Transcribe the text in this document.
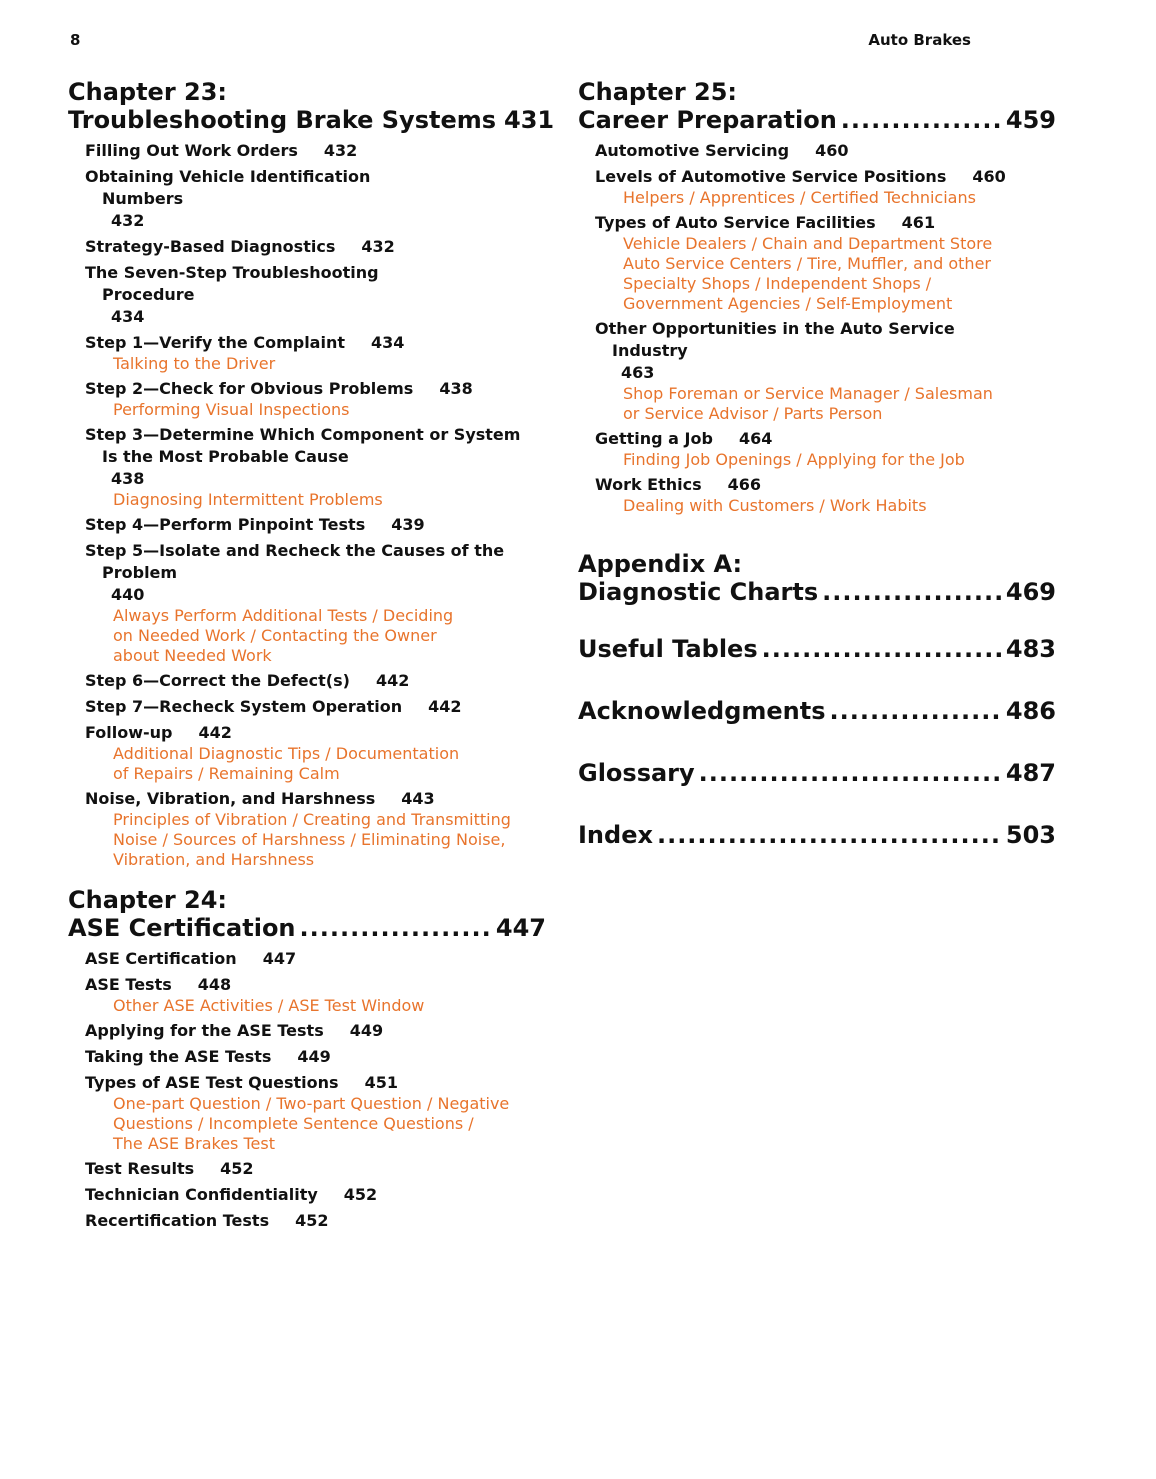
8	Auto Brakes
Chapter 23:
Troubleshooting Brake Systems 431
Filling Out Work Orders 432
Obtaining Vehicle Identification
Numbers
432
Strategy-Based Diagnostics 432
The Seven-Step Troubleshooting
Procedure
434
Step 1—Verify the Complaint 434
Talking to the Driver
Step 2—Check for Obvious Problems 438
Performing Visual Inspections
Step 3—Determine Which Component or System
Is the Most Probable Cause
438
Diagnosing Intermittent Problems
Step 4—Perform Pinpoint Tests 439
Step 5—Isolate and Recheck the Causes of the
Problem
440
Always Perform Additional Tests / Deciding
on Needed Work / Contacting the Owner
about Needed Work
Step 6—Correct the Defect(s) 442
Step 7—Recheck System Operation 442
Follow-up 442
Additional Diagnostic Tips / Documentation
of Repairs / Remaining Calm
Noise, Vibration, and Harshness 443
Principles of Vibration / Creating and Transmitting
Noise / Sources of Harshness / Eliminating Noise,
Vibration, and Harshness
Chapter 24:
ASE Certification .....	447
ASE Certification 447
ASE Tests 448
Other ASE Activities / ASE Test Window
Applying for the ASE Tests 449
Taking the ASE Tests 449
Types of ASE Test Questions 451
One-part Question / Two-part Question / Negative
Questions / Incomplete Sentence Questions /
The ASE Brakes Test
Test Results 452
Technician Confidentiality 452
Recertification Tests 452
Chapter 25:
Career Preparation .....	459
Automotive Servicing 460
Levels of Automotive Service Positions 460
Helpers / Apprentices / Certified Technicians
Types of Auto Service Facilities 461
Vehicle Dealers / Chain and Department Store
Auto Service Centers / Tire, Muffler, and other
Specialty Shops / Independent Shops /
Government Agencies / Self-Employment
Other Opportunities in the Auto Service
Industry
463
Shop Foreman or Service Manager / Salesman
or Service Advisor / Parts Person
Getting a Job 464
Finding Job Openings / Applying for the Job
Work Ethics 466
Dealing with Customers / Work Habits
Appendix A:
Diagnostic Charts .....	469
Useful Tables .....	483
Acknowledgments .....	486
Glossary .....	487
Index .....	503
